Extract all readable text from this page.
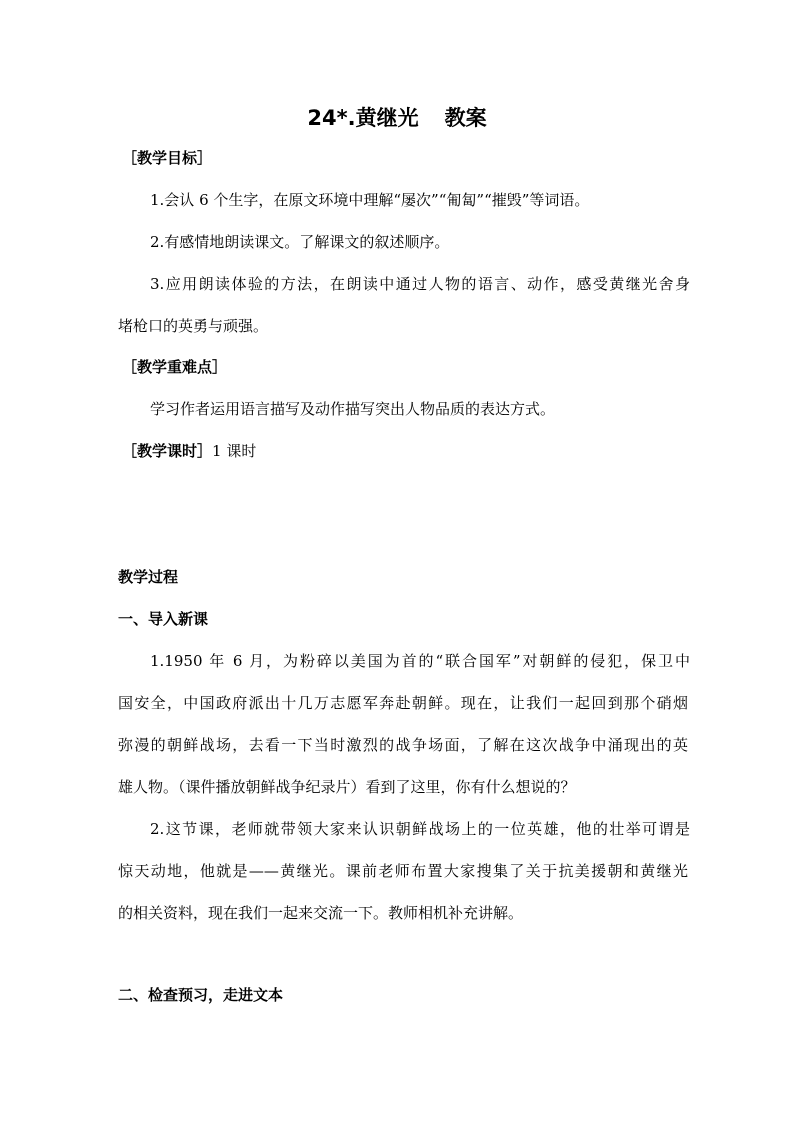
24*.黄继光 教案
［教学目标］
1.会认 6 个生字，在原文环境中理解“屡次”“匍匐”“摧毁”等词语。
2.有感情地朗读课文。了解课文的叙述顺序。
3.应用朗读体验的方法，在朗读中通过人物的语言、动作，感受黄继光舍身
堵枪口的英勇与顽强。
［教学重难点］
学习作者运用语言描写及动作描写突出人物品质的表达方式。
［教学课时］1 课时
教学过程
一、导入新课
1.1950 年 6 月，为粉碎以美国为首的“联合国军”对朝鲜的侵犯，保卫中
国安全，中国政府派出十几万志愿军奔赴朝鲜。现在，让我们一起回到那个硝烟
弥漫的朝鲜战场，去看一下当时激烈的战争场面，了解在这次战争中涌现出的英
雄人物。（课件播放朝鲜战争纪录片）看到了这里，你有什么想说的？
2.这节课，老师就带领大家来认识朝鲜战场上的一位英雄，他的壮举可谓是
惊天动地，他就是——黄继光。课前老师布置大家搜集了关于抗美援朝和黄继光
的相关资料，现在我们一起来交流一下。教师相机补充讲解。
二、检查预习，走进文本
